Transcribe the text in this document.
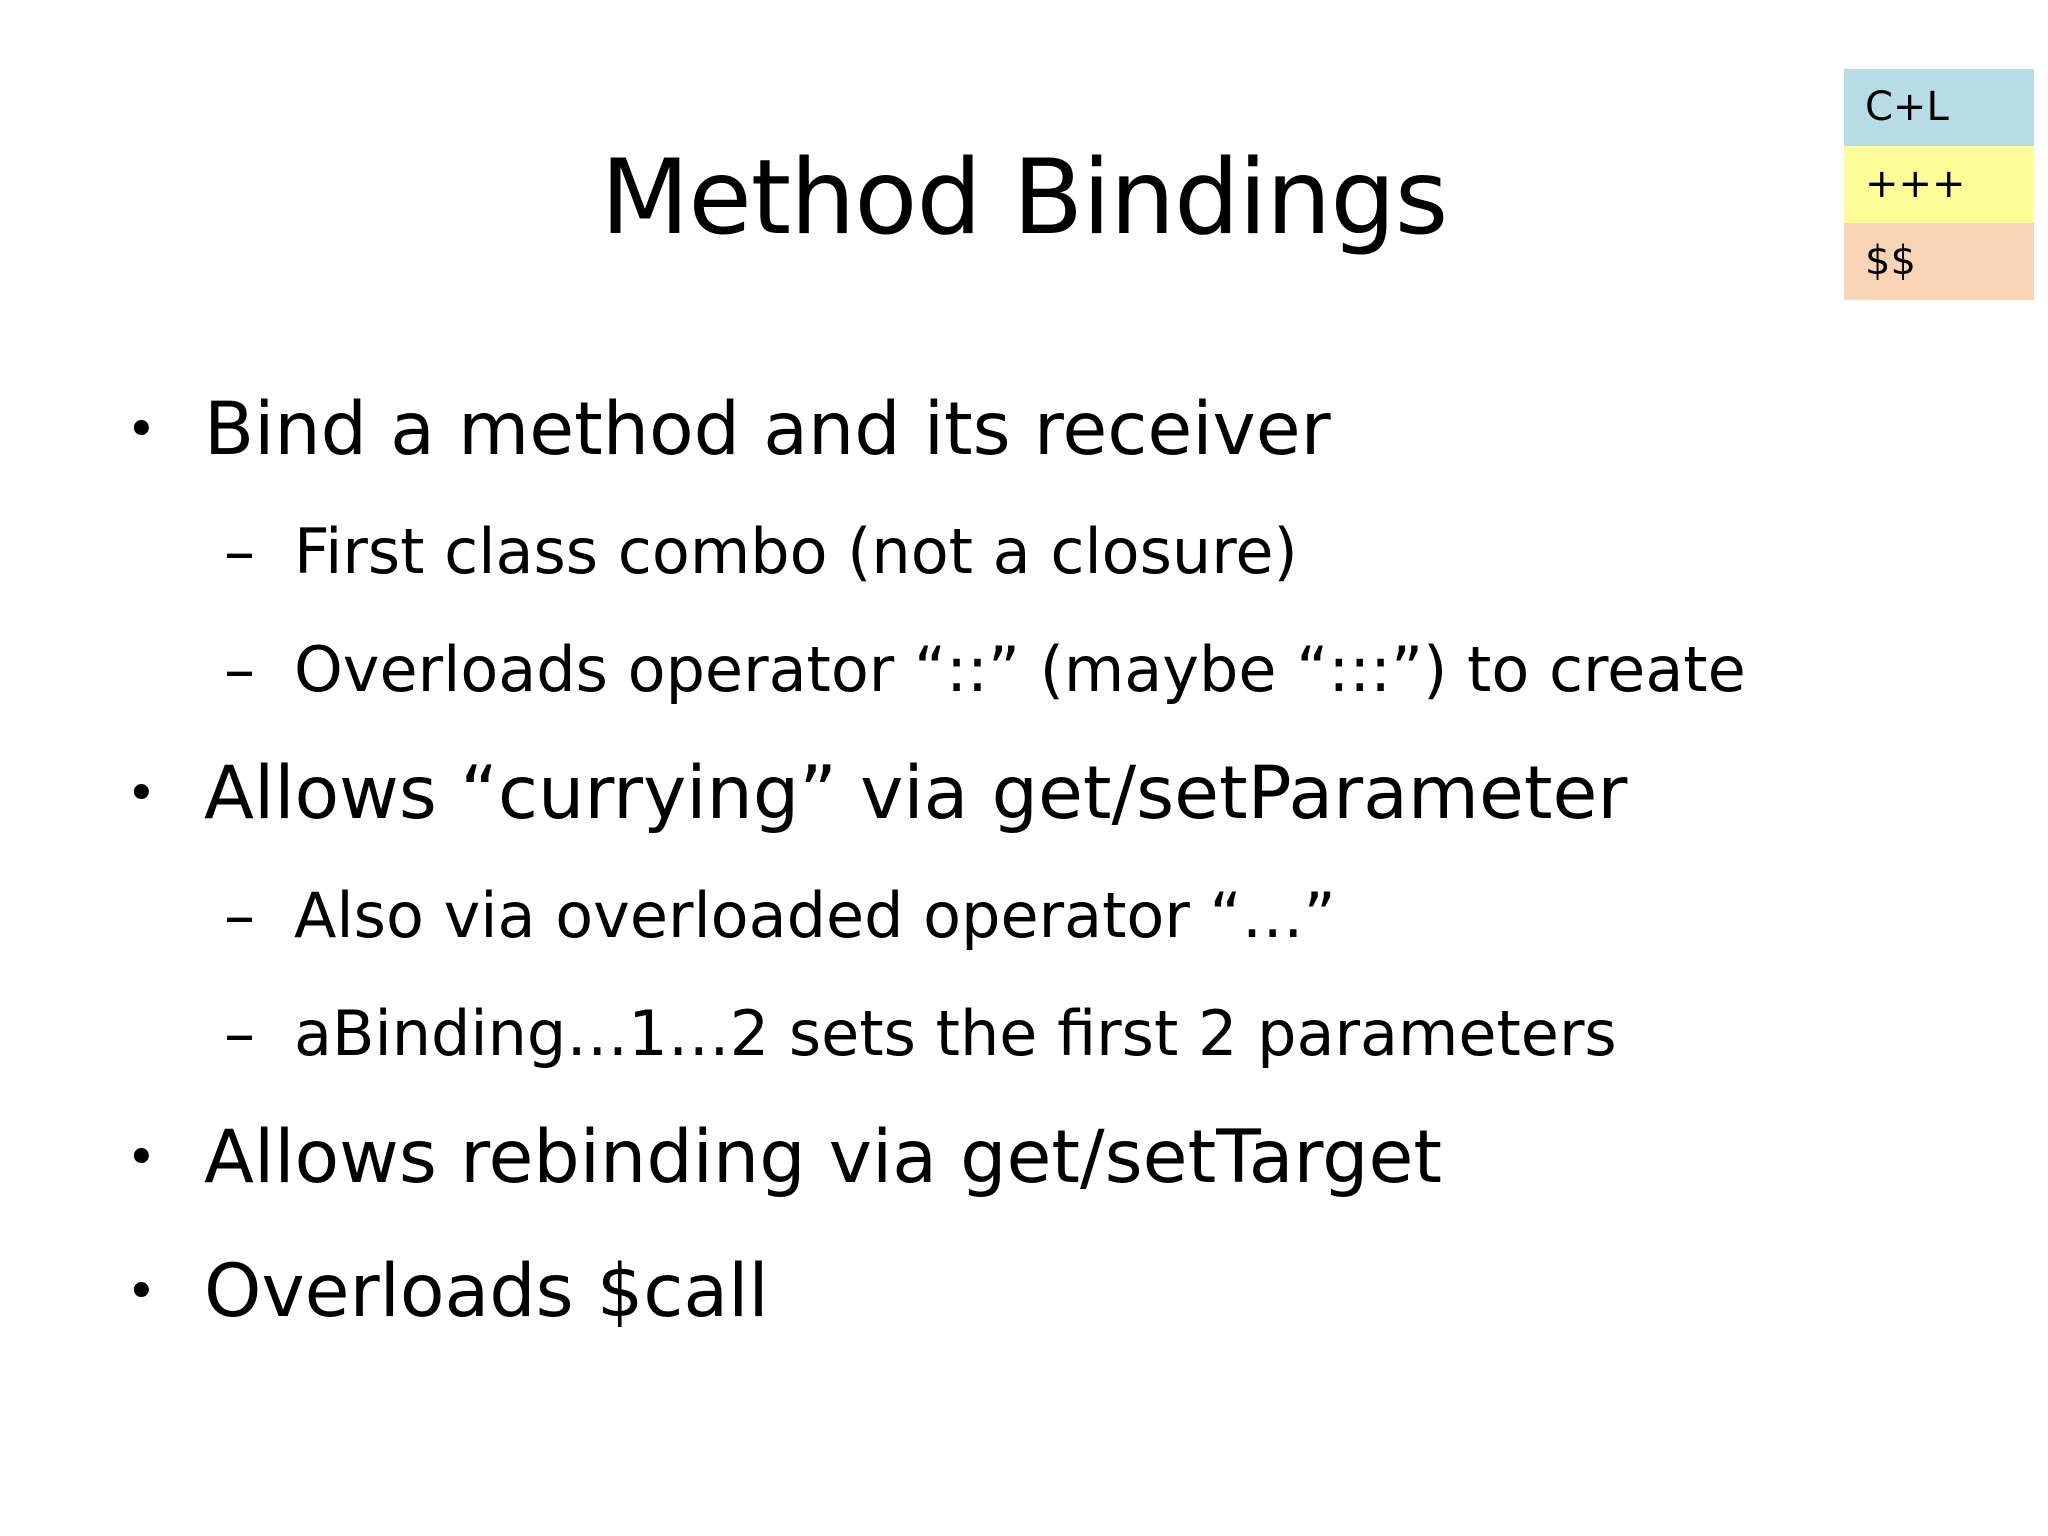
Method Bindings
C+L
+++
$$
• Bind a method and its receiver
– First class combo (not a closure)
– Overloads operator “::” (maybe “:::”) to create
• Allows “currying” via get/setParameter
– Also via overloaded operator “…”
– aBinding…1…2 sets the first 2 parameters
• Allows rebinding via get/setTarget
• Overloads $call
